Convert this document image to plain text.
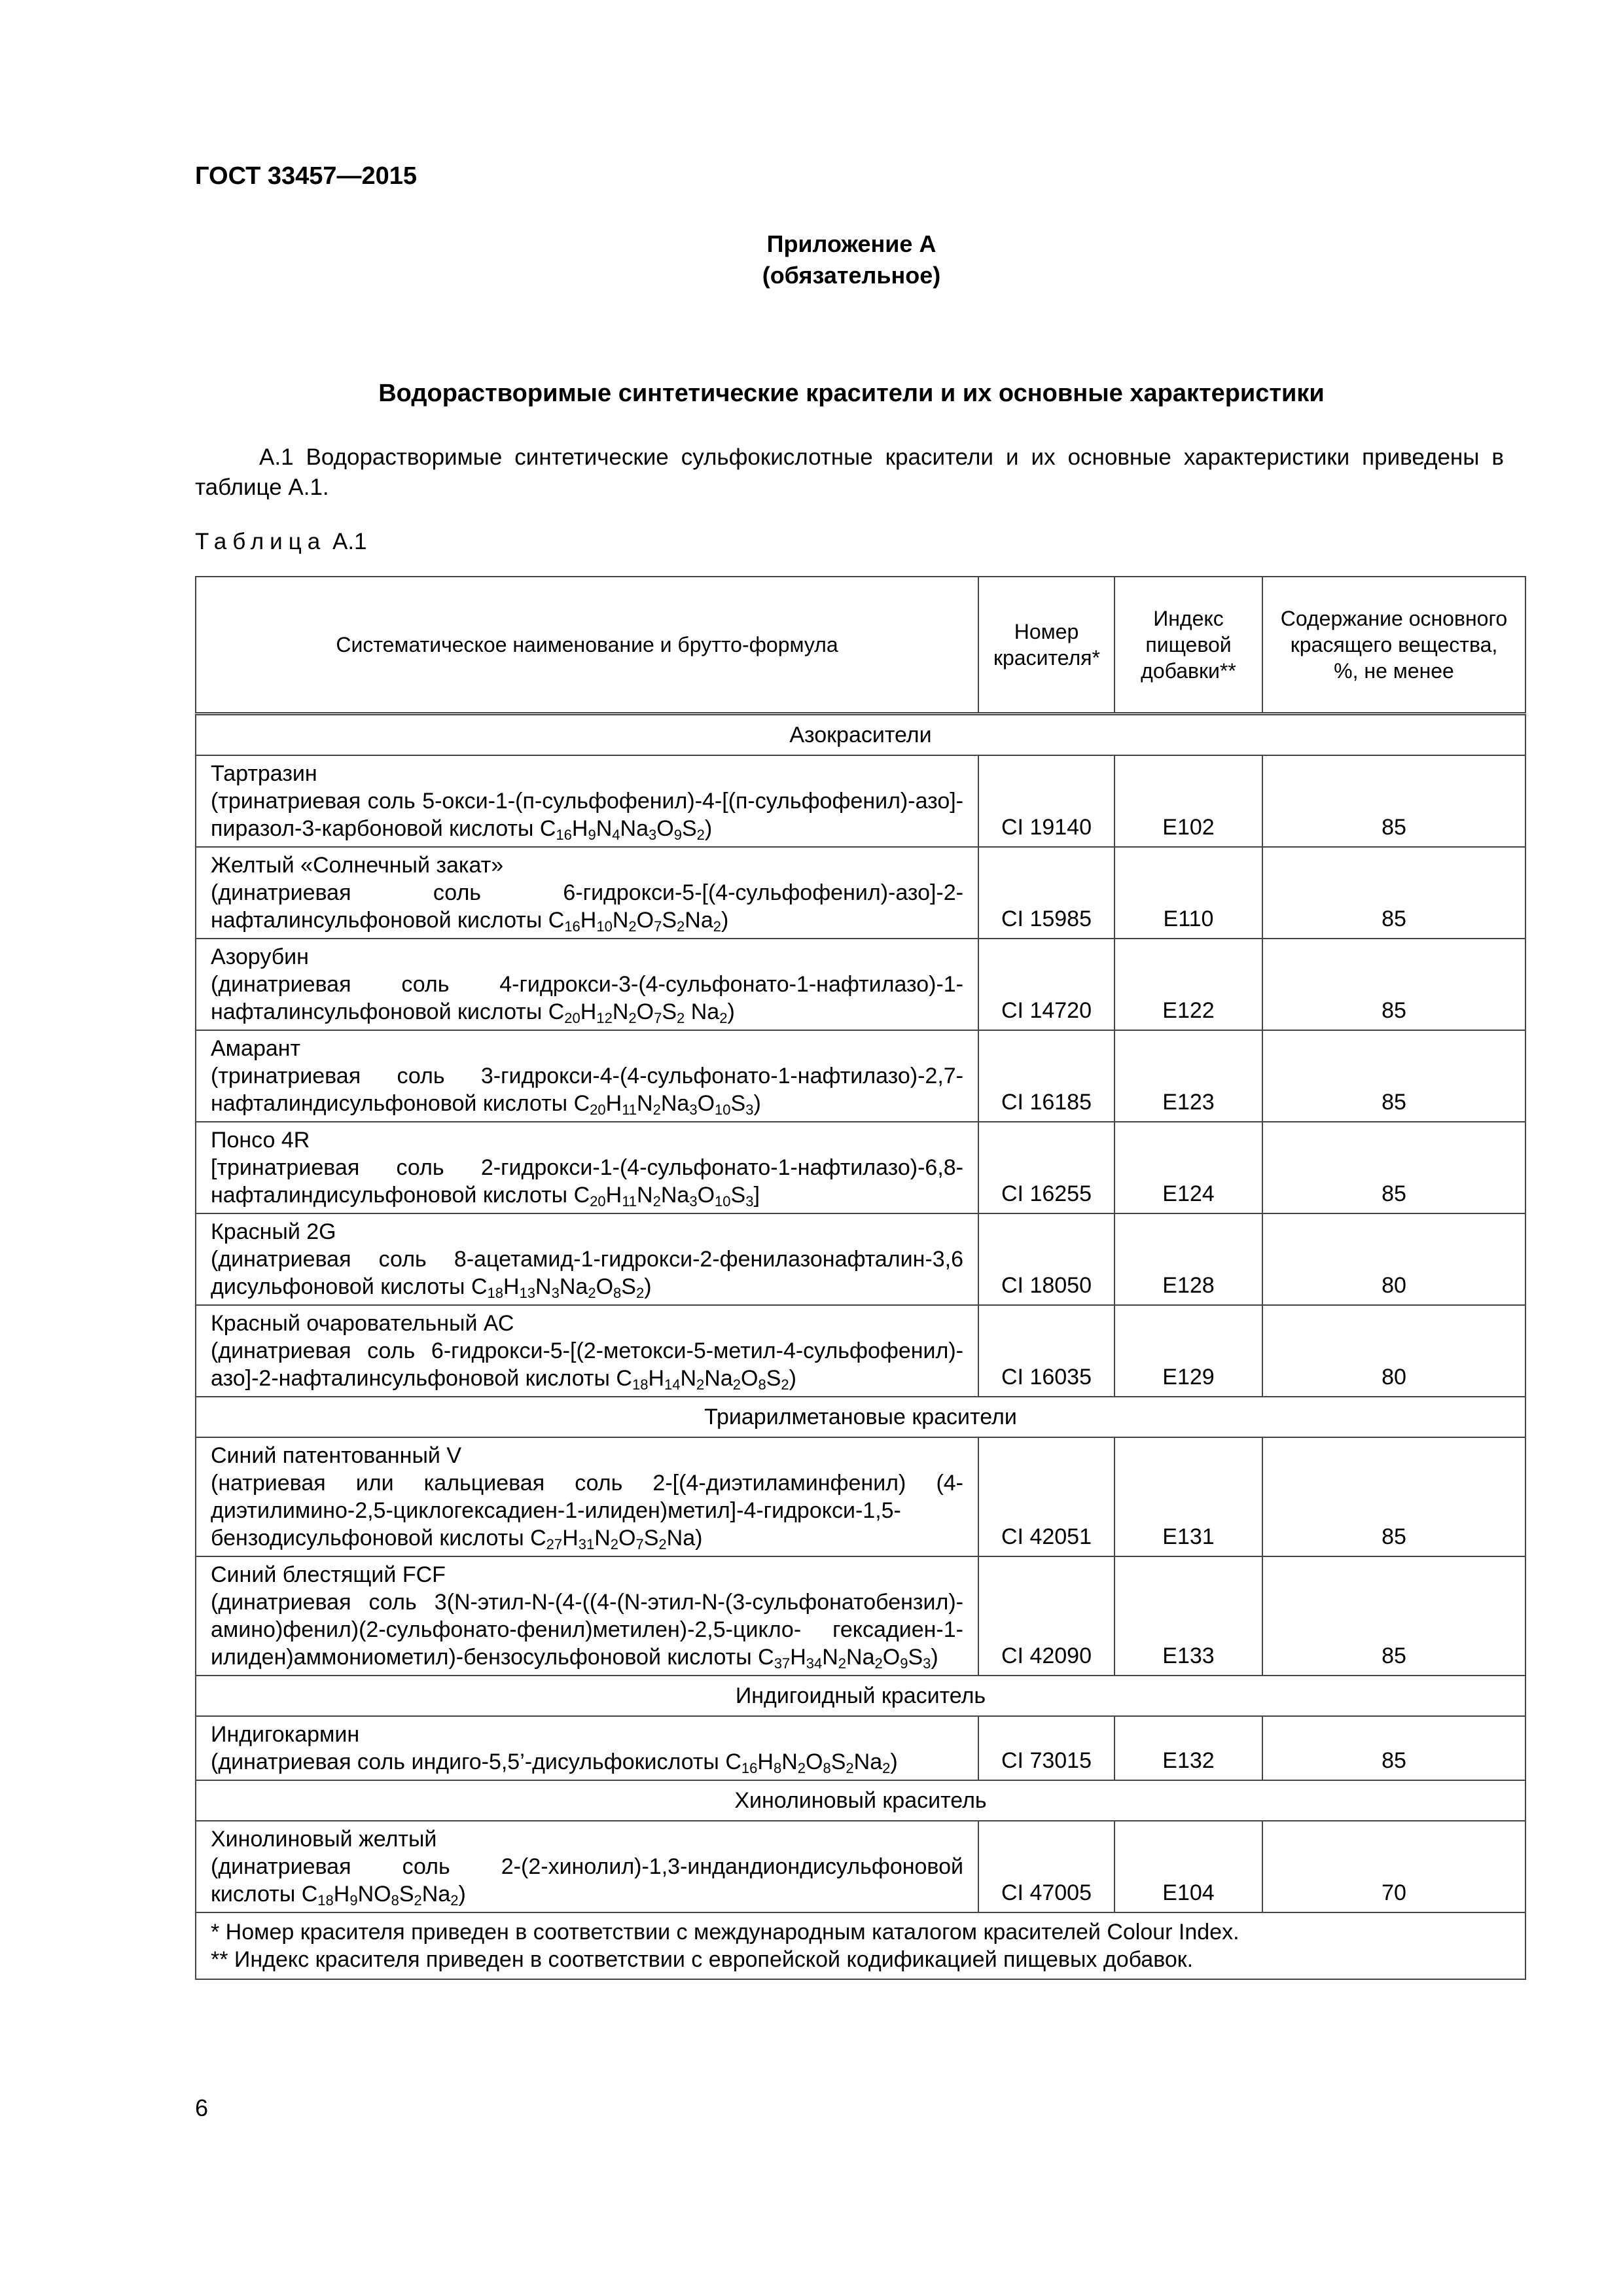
ГОСТ 33457—2015
Приложение А
(обязательное)
Водорастворимые синтетические красители и их основные характеристики
А.1 Водорастворимые синтетические сульфокислотные красители и их основные характеристики приведены в таблице А.1.
Таблица А.1
Систематическое наименование и брутто-формула	Номер красителя*	Индекс пищевой добавки**	Содержание основного красящего вещества, %, не менее
Азокрасители			

Тартразин
(тринатриевая соль 5-окси-1-(п-сульфофенил)-4-[(п-сульфофенил)-азо]-пиразол-3-карбоновой кислоты $C_{16}H_9N_4Na_3O_9S_2$)	CI 19140	E102	85

Желтый «Солнечный закат»
(динатриевая соль 6-гидрокси-5-[(4-сульфофенил)-азо]-2-нафталинсульфоновой кислоты $C_{16}H_{10}N_2O_7S_2Na_2$)	CI 15985	E110	85

Азорубин
(динатриевая соль 4-гидрокси-3-(4-сульфонато-1-нафтилазо)-1-нафталинсульфоновой кислоты $C_{20}H_{12}N_2O_7S_2$ $Na_2$)	CI 14720	E122	85

Амарант
(тринатриевая соль 3-гидрокси-4-(4-сульфонато-1-нафтилазо)-2,7-нафталиндисульфоновой кислоты $C_{20}H_{11}N_2Na_3O_{10}S_3$)	CI 16185	E123	85

Понсо 4R
[тринатриевая соль 2-гидрокси-1-(4-сульфонато-1-нафтилазо)-6,8-нафталиндисульфоновой кислоты $C_{20}H_{11}N_2Na_3O_{10}S_3$]	CI 16255	E124	85

Красный 2G
(динатриевая соль 8-ацетамид-1-гидрокси-2-фенилазонафталин-3,6 дисульфоновой кислоты $C_{18}H_{13}N_3Na_2O_8S_2$)	CI 18050	E128	80

Красный очаровательный АС
(динатриевая соль 6-гидрокси-5-[(2-метокси-5-метил-4-сульфофенил)-азо]-2-нафталинсульфоновой кислоты $C_{18}H_{14}N_2Na_2O_8S_2$)	CI 16035	E129	80
Триарилметановые красители			

Синий патентованный V
(натриевая или кальциевая соль 2-[(4-диэтиламинфенил) (4-диэтилимино-2,5-циклогексадиен-1-илиден)метил]-4-гидрокси-1,5-бензодисульфоновой кислоты $C_{27}H_{31}N_2O_7S_2Na$)	CI 42051	E131	85

Синий блестящий FCF
(динатриевая соль 3(N-этил-N-(4-((4-(N-этил-N-(3-сульфонатобензил)-амино)фенил)(2-сульфонато-фенил)метилен)-2,5-цикло- гексадиен-1-илиден)аммониометил)-бензосульфоновой кислоты $C_{37}H_{34}N_2Na_2O_9S_3$)	CI 42090	E133	85
Индигоидный краситель			

Индигокармин
(динатриевая соль индиго-5,5’-дисульфокислоты $C_{16}H_8N_2O_8S_2Na_2$)	CI 73015	E132	85
Хинолиновый краситель			

Хинолиновый желтый
(динатриевая соль 2-(2-хинолил)-1,3-индандиондисульфоновой кислоты $C_{18}H_9NO_8S_2Na_2$)	CI 47005	E104	70

* Номер красителя приведен в соответствии с международным каталогом красителей Colour Index.
** Индекс красителя приведен в соответствии с европейской кодификацией пищевых добавок.			
6
